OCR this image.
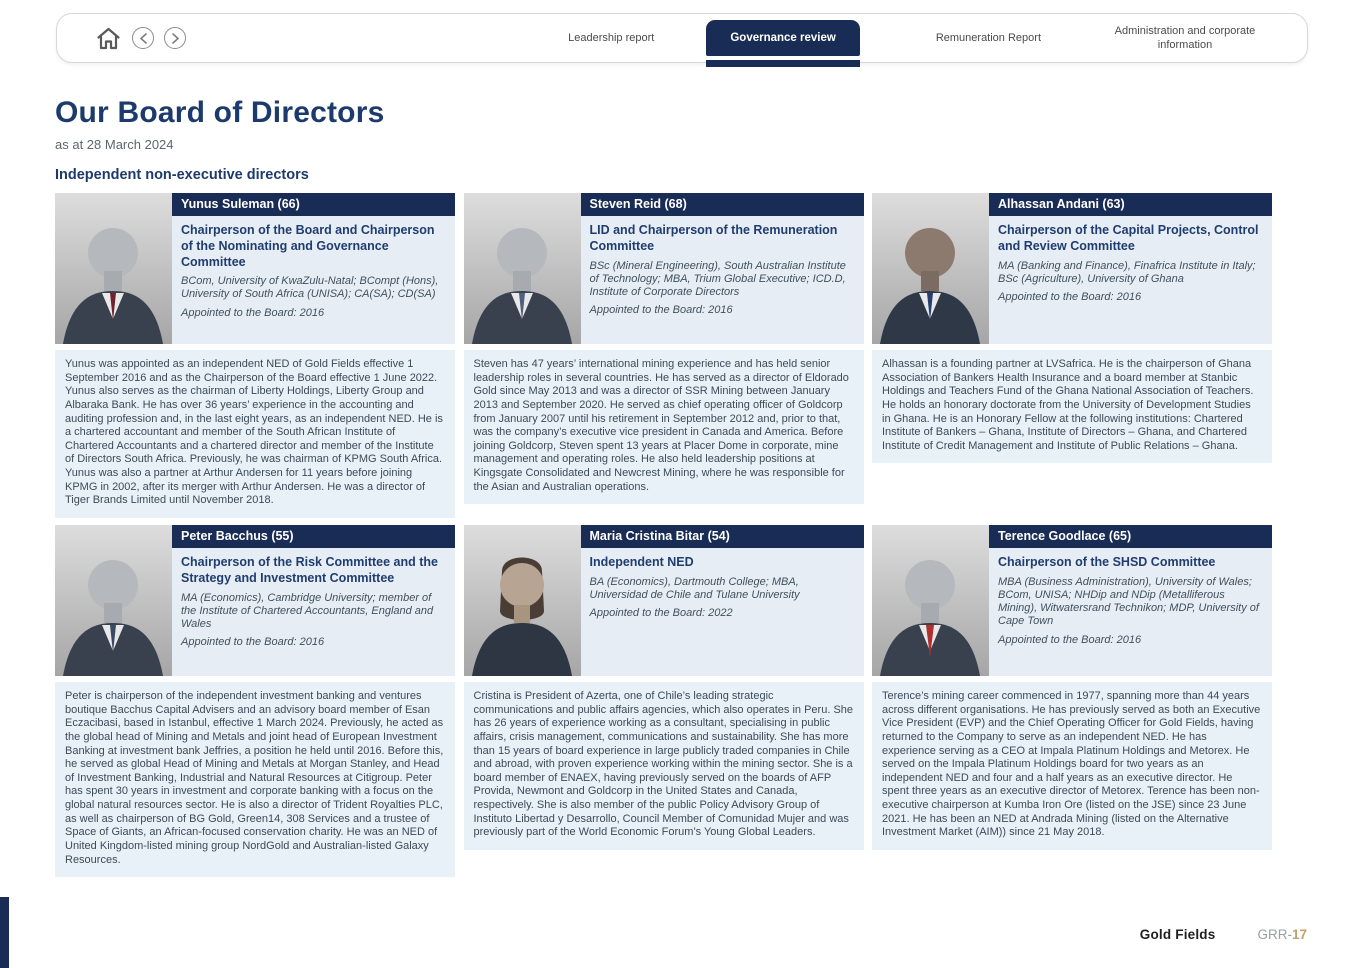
Leadership report	Governance review	Remuneration Report
Administration and corporate information
Our Board of Directors
as at 28 March 2024
Independent non-executive directors
Yunus Suleman (66)
Chairperson of the Board and Chairperson of the Nominating and Governance Committee
BCom, University of KwaZulu-Natal; BCompt (Hons), University of South Africa (UNISA); CA(SA); CD(SA)
Appointed to the Board: 2016
Yunus was appointed as an independent NED of Gold Fields effective 1 September 2016 and as the Chairperson of the Board effective 1 June 2022. Yunus also serves as the chairman of Liberty Holdings, Liberty Group and Albaraka Bank. He has over 36 years’ experience in the accounting and auditing profession and, in the last eight years, as an independent NED. He is a chartered accountant and member of the South African Institute of Chartered Accountants and a chartered director and member of the Institute of Directors South Africa. Previously, he was chairman of KPMG South Africa. Yunus was also a partner at Arthur Andersen for 11 years before joining KPMG in 2002, after its merger with Arthur Andersen. He was a director of Tiger Brands Limited until November 2018.
Steven Reid (68)
LID and Chairperson of the Remuneration Committee
BSc (Mineral Engineering), South Australian Institute of Technology; MBA, Trium Global Executive; ICD.D, Institute of Corporate Directors
Appointed to the Board: 2016
Steven has 47 years’ international mining experience and has held senior leadership roles in several countries. He has served as a director of Eldorado Gold since May 2013 and was a director of SSR Mining between January 2013 and September 2020. He served as chief operating officer of Goldcorp from January 2007 until his retirement in September 2012 and, prior to that, was the company’s executive vice president in Canada and America. Before joining Goldcorp, Steven spent 13 years at Placer Dome in corporate, mine management and operating roles. He also held leadership positions at Kingsgate Consolidated and Newcrest Mining, where he was responsible for the Asian and Australian operations.
Alhassan Andani (63)
Chairperson of the Capital Projects, Control and Review Committee
MA (Banking and Finance), Finafrica Institute in Italy; BSc (Agriculture), University of Ghana
Appointed to the Board: 2016
Alhassan is a founding partner at LVSafrica. He is the chairperson of Ghana Association of Bankers Health Insurance and a board member at Stanbic Holdings and Teachers Fund of the Ghana National Association of Teachers. He holds an honorary doctorate from the University of Development Studies in Ghana. He is an Honorary Fellow at the following institutions: Chartered Institute of Bankers – Ghana, Institute of Directors – Ghana, and Chartered Institute of Credit Management and Institute of Public Relations – Ghana.
Peter Bacchus (55)
Chairperson of the Risk Committee and the Strategy and Investment Committee
MA (Economics), Cambridge University; member of the Institute of Chartered Accountants, England and Wales
Appointed to the Board: 2016
Peter is chairperson of the independent investment banking and ventures boutique Bacchus Capital Advisers and an advisory board member of Esan Eczacibasi, based in Istanbul, effective 1 March 2024. Previously, he acted as the global head of Mining and Metals and joint head of European Investment Banking at investment bank Jeffries, a position he held until 2016. Before this, he served as global Head of Mining and Metals at Morgan Stanley, and Head of Investment Banking, Industrial and Natural Resources at Citigroup. Peter has spent 30 years in investment and corporate banking with a focus on the global natural resources sector. He is also a director of Trident Royalties PLC, as well as chairperson of BG Gold, Green14, 308 Services and a trustee of Space of Giants, an African-focused conservation charity. He was an NED of United Kingdom-listed mining group NordGold and Australian-listed Galaxy Resources.
Maria Cristina Bitar (54)
Independent NED
BA (Economics), Dartmouth College; MBA, Universidad de Chile and Tulane University
Appointed to the Board: 2022
Cristina is President of Azerta, one of Chile’s leading strategic communications and public affairs agencies, which also operates in Peru. She has 26 years of experience working as a consultant, specialising in public affairs, crisis management, communications and sustainability. She has more than 15 years of board experience in large publicly traded companies in Chile and abroad, with proven experience working within the mining sector. She is a board member of ENAEX, having previously served on the boards of AFP Provida, Newmont and Goldcorp in the United States and Canada, respectively. She is also member of the public Policy Advisory Group of Instituto Libertad y Desarrollo, Council Member of Comunidad Mujer and was previously part of the World Economic Forum’s Young Global Leaders.
Terence Goodlace (65)
Chairperson of the SHSD Committee
MBA (Business Administration), University of Wales; BCom, UNISA; NHDip and NDip (Metalliferous Mining), Witwatersrand Technikon; MDP, University of Cape Town
Appointed to the Board: 2016
Terence’s mining career commenced in 1977, spanning more than 44 years across different organisations. He has previously served as both an Executive Vice President (EVP) and the Chief Operating Officer for Gold Fields, having returned to the Company to serve as an independent NED. He has experience serving as a CEO at Impala Platinum Holdings and Metorex. He served on the Impala Platinum Holdings board for two years as an independent NED and four and a half years as an executive director. He spent three years as an executive director of Metorex. Terence has been non-executive chairperson at Kumba Iron Ore (listed on the JSE) since 23 June 2021. He has been an NED at Andrada Mining (listed on the Alternative Investment Market (AIM)) since 21 May 2018.
Gold Fields	GRR-17
